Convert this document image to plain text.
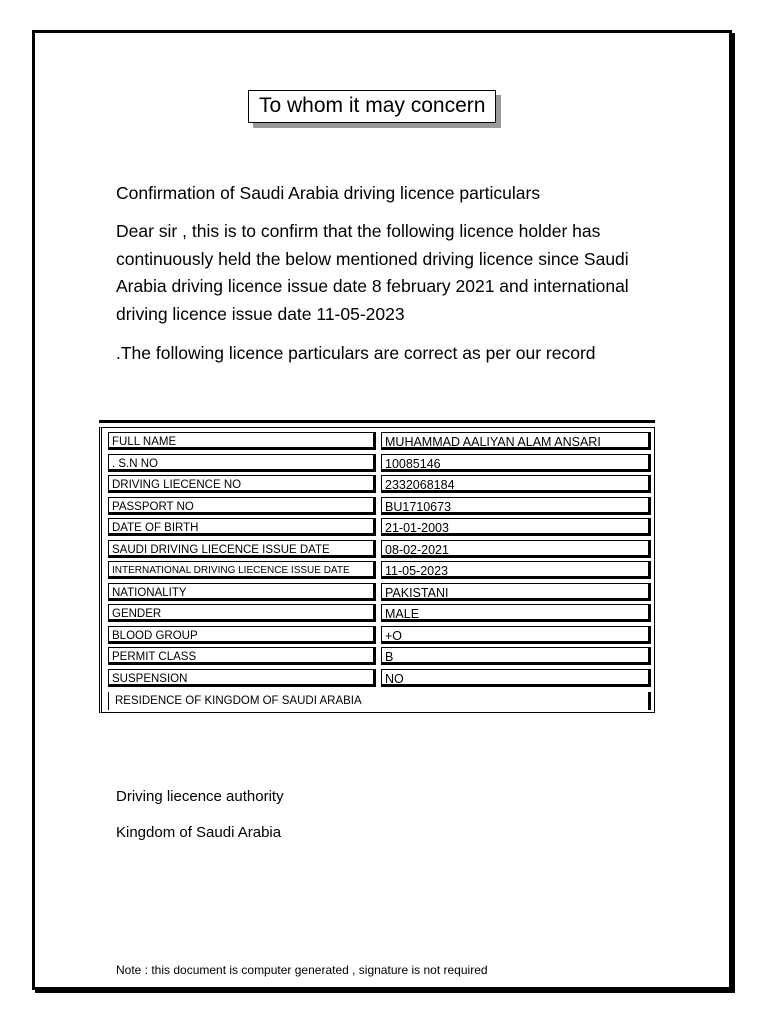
To whom it may concern
Confirmation of Saudi Arabia driving licence particulars
Dear sir , this is to confirm that the following licence holder has continuously held the below mentioned driving licence since Saudi Arabia driving licence issue date 8 february 2021 and international driving licence issue date 11-05-2023
.The following licence particulars are correct as per our record
FULL NAME	MUHAMMAD AALIYAN ALAM ANSARI
. S.N NO	10085146
DRIVING LIECENCE NO	2332068184
PASSPORT NO	BU1710673
DATE OF BIRTH	21-01-2003
SAUDI DRIVING LIECENCE ISSUE DATE	08-02-2021
INTERNATIONAL DRIVING LIECENCE ISSUE DATE	11-05-2023
NATIONALITY	PAKISTANI
GENDER	MALE
BLOOD GROUP	+O
PERMIT CLASS	B
SUSPENSION	NO
RESIDENCE OF KINGDOM OF SAUDI ARABIA
Driving liecence authority
Kingdom of Saudi Arabia
Note : this document is computer generated , signature is not required
